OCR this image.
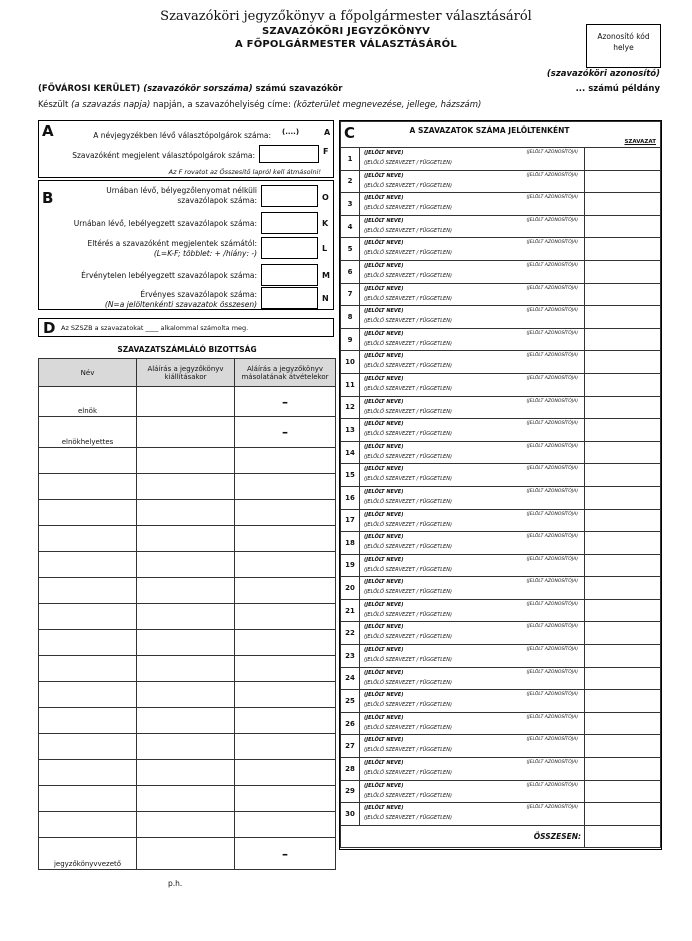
Szavazóköri jegyzőkönyv a főpolgármester választásáról
SZAVAZÓKÖRI JEGYZŐKÖNYV
A FŐPOLGÁRMESTER VÁLASZTÁSÁRÓL
Azonosító kód helye
(szavazóköri azonosító)
(FŐVÁROSI KERÜLET) (szavazókör sorszáma) számú szavazókör	... számú példány
Készült (a szavazás napja) napján, a szavazóhelyiség címe: (közterület megnevezése, jellege, házszám)
A	A névjegyzékben lévő választópolgárok száma: (....)	A
Szavazóként megjelent választópolgárok száma:	F
Az F rovatot az Összesítő lapról kell átmásolni!
B	Urnában lévő, bélyegzőlenyomat nélküli
szavazólapok száma:	O
Urnában lévő, lebélyegzett szavazólapok száma:	K
Eltérés a szavazóként megjelentek számától:
(L=K-F; többlet: + /hiány: -)
L
Érvénytelen lebélyegzett szavazólapok száma:	M
Érvényes szavazólapok száma:
(N=a jelöltenkénti szavazatok összesen)
N
D Az SZSZB a szavazatokat ____ alkalommal számolta meg.
SZAVAZATSZÁMLÁLÓ BIZOTTSÁG
Név	Aláírás a jegyzőkönyv kiállításakor	Aláírás a jegyzőkönyv másolatának átvételekor
elnök		–
elnökhelyettes		–

jegyzőkönyvvezető		–
p.h.
C	A SZAVAZATOK SZÁMA JELÖLTENKÉNT
SZAVAZAT	

1	(JELÖLT NEVE)
(JELÖLŐ SZERVEZET / FÜGGETLEN)
(JELÖLT AZONOSÍTÓJA)	

2	(JELÖLT NEVE)
(JELÖLŐ SZERVEZET / FÜGGETLEN)
(JELÖLT AZONOSÍTÓJA)	

3	(JELÖLT NEVE)
(JELÖLŐ SZERVEZET / FÜGGETLEN)
(JELÖLT AZONOSÍTÓJA)	

4	(JELÖLT NEVE)
(JELÖLŐ SZERVEZET / FÜGGETLEN)
(JELÖLT AZONOSÍTÓJA)	

5	(JELÖLT NEVE)
(JELÖLŐ SZERVEZET / FÜGGETLEN)
(JELÖLT AZONOSÍTÓJA)	

6	(JELÖLT NEVE)
(JELÖLŐ SZERVEZET / FÜGGETLEN)
(JELÖLT AZONOSÍTÓJA)	

7	(JELÖLT NEVE)
(JELÖLŐ SZERVEZET / FÜGGETLEN)
(JELÖLT AZONOSÍTÓJA)	

8	(JELÖLT NEVE)
(JELÖLŐ SZERVEZET / FÜGGETLEN)
(JELÖLT AZONOSÍTÓJA)	

9	(JELÖLT NEVE)
(JELÖLŐ SZERVEZET / FÜGGETLEN)
(JELÖLT AZONOSÍTÓJA)	

10	(JELÖLT NEVE)
(JELÖLŐ SZERVEZET / FÜGGETLEN)
(JELÖLT AZONOSÍTÓJA)	

11	(JELÖLT NEVE)
(JELÖLŐ SZERVEZET / FÜGGETLEN)
(JELÖLT AZONOSÍTÓJA)	

12	(JELÖLT NEVE)
(JELÖLŐ SZERVEZET / FÜGGETLEN)
(JELÖLT AZONOSÍTÓJA)	

13	(JELÖLT NEVE)
(JELÖLŐ SZERVEZET / FÜGGETLEN)
(JELÖLT AZONOSÍTÓJA)	

14	(JELÖLT NEVE)
(JELÖLŐ SZERVEZET / FÜGGETLEN)
(JELÖLT AZONOSÍTÓJA)	

15	(JELÖLT NEVE)
(JELÖLŐ SZERVEZET / FÜGGETLEN)
(JELÖLT AZONOSÍTÓJA)	

16	(JELÖLT NEVE)
(JELÖLŐ SZERVEZET / FÜGGETLEN)
(JELÖLT AZONOSÍTÓJA)	

17	(JELÖLT NEVE)
(JELÖLŐ SZERVEZET / FÜGGETLEN)
(JELÖLT AZONOSÍTÓJA)	

18	(JELÖLT NEVE)
(JELÖLŐ SZERVEZET / FÜGGETLEN)
(JELÖLT AZONOSÍTÓJA)	

19	(JELÖLT NEVE)
(JELÖLŐ SZERVEZET / FÜGGETLEN)
(JELÖLT AZONOSÍTÓJA)	

20	(JELÖLT NEVE)
(JELÖLŐ SZERVEZET / FÜGGETLEN)
(JELÖLT AZONOSÍTÓJA)	

21	(JELÖLT NEVE)
(JELÖLŐ SZERVEZET / FÜGGETLEN)
(JELÖLT AZONOSÍTÓJA)	

22	(JELÖLT NEVE)
(JELÖLŐ SZERVEZET / FÜGGETLEN)
(JELÖLT AZONOSÍTÓJA)	

23	(JELÖLT NEVE)
(JELÖLŐ SZERVEZET / FÜGGETLEN)
(JELÖLT AZONOSÍTÓJA)	

24	(JELÖLT NEVE)
(JELÖLŐ SZERVEZET / FÜGGETLEN)
(JELÖLT AZONOSÍTÓJA)	

25	(JELÖLT NEVE)
(JELÖLŐ SZERVEZET / FÜGGETLEN)
(JELÖLT AZONOSÍTÓJA)	

26	(JELÖLT NEVE)
(JELÖLŐ SZERVEZET / FÜGGETLEN)
(JELÖLT AZONOSÍTÓJA)	

27	(JELÖLT NEVE)
(JELÖLŐ SZERVEZET / FÜGGETLEN)
(JELÖLT AZONOSÍTÓJA)	

28	(JELÖLT NEVE)
(JELÖLŐ SZERVEZET / FÜGGETLEN)
(JELÖLT AZONOSÍTÓJA)	

29	(JELÖLT NEVE)
(JELÖLŐ SZERVEZET / FÜGGETLEN)
(JELÖLT AZONOSÍTÓJA)	

30	(JELÖLT NEVE)
(JELÖLŐ SZERVEZET / FÜGGETLEN)
(JELÖLT AZONOSÍTÓJA)	

	ÖSSZESEN:	
